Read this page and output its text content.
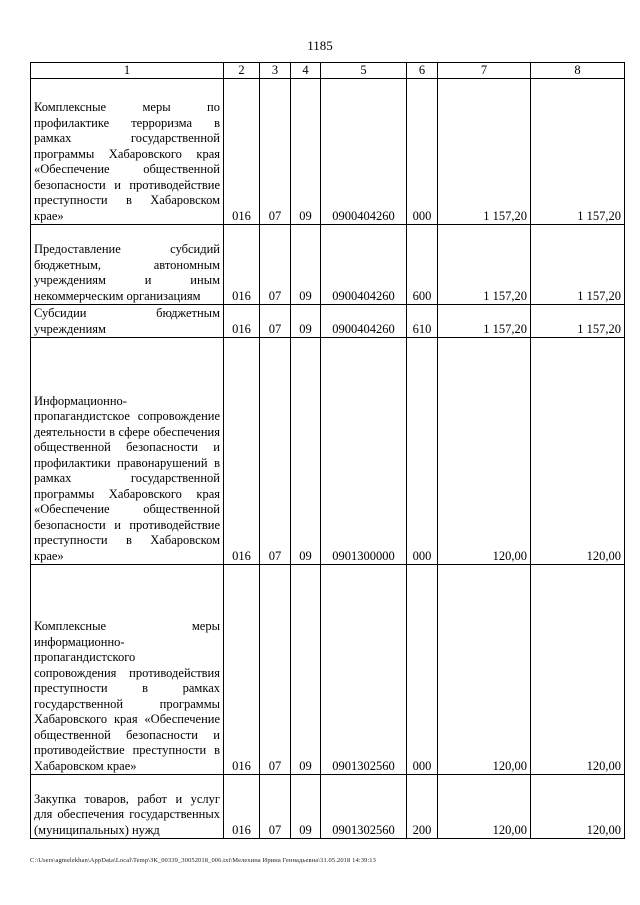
1185
1	2	3	4	5	6	7	8
Комплексные меры по профилактике терроризма в рамках государственной программы Хабаровского края «Обеспечение общественной безопасности и противодействие преступности в Хабаровском крае»	016	07	09	0900404260	000	1 157,20	1 157,20
Предоставление субсидий бюджетным, автономным учреждениям и иным некоммерческим организациям	016	07	09	0900404260	600	1 157,20	1 157,20
Субсидии бюджетным учреждениям	016	07	09	0900404260	610	1 157,20	1 157,20
Информационно-пропагандистское сопровождение деятельности в сфере обеспечения общественной безопасности и профилактики правонарушений в рамках государственной программы Хабаровского края «Обеспечение общественной безопасности и противодействие преступности в Хабаровском крае»	016	07	09	0901300000	000	120,00	120,00
Комплексные меры информационно-пропагандистского сопровождения противодействия преступности в рамках государственной программы Хабаровского края «Обеспечение общественной безопасности и противодействие преступности в Хабаровском крае»	016	07	09	0901302560	000	120,00	120,00
Закупка товаров, работ и услуг для обеспечения государственных (муниципальных) нужд	016	07	09	0901302560	200	120,00	120,00
C:\Users\agmelekhan\AppData\Local\Temp\ЗК_00339_30052018_006.txt\Мелехина Ирина Геннадьевна\31.05.2018 14:39:13
